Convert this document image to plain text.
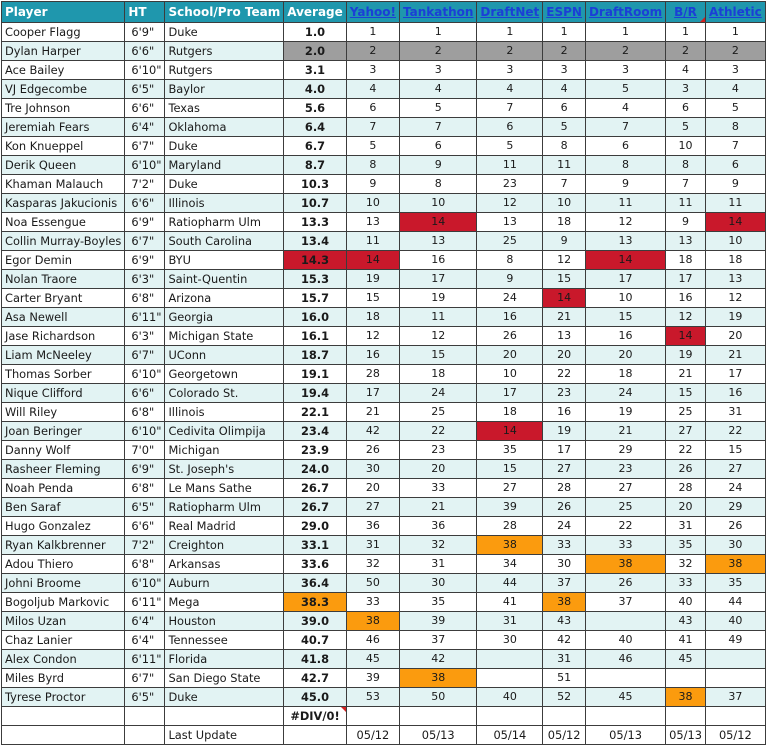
Player	HT	School/Pro Team	Average	Yahoo!	Tankathon	DraftNet	ESPN	DraftRoom	B/R	Athletic
Cooper Flagg	6'9"	Duke	1.0	1	1	1	1	1	1	1
Dylan Harper	6'6"	Rutgers	2.0	2	2	2	2	2	2	2
Ace Bailey	6'10"	Rutgers	3.1	3	3	3	3	3	4	3
VJ Edgecombe	6'5"	Baylor	4.0	4	4	4	4	5	3	4
Tre Johnson	6'6"	Texas	5.6	6	5	7	6	4	6	5
Jeremiah Fears	6'4"	Oklahoma	6.4	7	7	6	5	7	5	8
Kon Knueppel	6'7"	Duke	6.7	5	6	5	8	6	10	7
Derik Queen	6'10"	Maryland	8.7	8	9	11	11	8	8	6
Khaman Malauch	7'2"	Duke	10.3	9	8	23	7	9	7	9
Kasparas Jakucionis	6'6"	Illinois	10.7	10	10	12	10	11	11	11
Noa Essengue	6'9"	Ratiopharm Ulm	13.3	13	14	13	18	12	9	14
Collin Murray-Boyles	6'7"	South Carolina	13.4	11	13	25	9	13	13	10
Egor Demin	6'9"	BYU	14.3	14	16	8	12	14	18	18
Nolan Traore	6'3"	Saint-Quentin	15.3	19	17	9	15	17	17	13
Carter Bryant	6'8"	Arizona	15.7	15	19	24	14	10	16	12
Asa Newell	6'11"	Georgia	16.0	18	11	16	21	15	12	19
Jase Richardson	6'3"	Michigan State	16.1	12	12	26	13	16	14	20
Liam McNeeley	6'7"	UConn	18.7	16	15	20	20	20	19	21
Thomas Sorber	6'10"	Georgetown	19.1	28	18	10	22	18	21	17
Nique Clifford	6'6"	Colorado St.	19.4	17	24	17	23	24	15	16
Will Riley	6'8"	Illinois	22.1	21	25	18	16	19	25	31
Joan Beringer	6'10"	Cedivita Olimpija	23.4	42	22	14	19	21	27	22
Danny Wolf	7'0"	Michigan	23.9	26	23	35	17	29	22	15
Rasheer Fleming	6'9"	St. Joseph's	24.0	30	20	15	27	23	26	27
Noah Penda	6'8"	Le Mans Sathe	26.7	20	33	27	28	27	28	24
Ben Saraf	6'5"	Ratiopharm Ulm	26.7	27	21	39	26	25	20	29
Hugo Gonzalez	6'6"	Real Madrid	29.0	36	36	28	24	22	31	26
Ryan Kalkbrenner	7'2"	Creighton	33.1	31	32	38	33	33	35	30
Adou Thiero	6'8"	Arkansas	33.6	32	31	34	30	38	32	38
Johni Broome	6'10"	Auburn	36.4	50	30	44	37	26	33	35
Bogoljub Markovic	6'11"	Mega	38.3	33	35	41	38	37	40	44
Milos Uzan	6'4"	Houston	39.0	38	39	31	43		43	40
Chaz Lanier	6'4"	Tennessee	40.7	46	37	30	42	40	41	49
Alex Condon	6'11"	Florida	41.8	45	42		31	46	45	
Miles Byrd	6'7"	San Diego State	42.7	39	38		51			
Tyrese Proctor	6'5"	Duke	45.0	53	50	40	52	45	38	37
			#DIV/0!							
		Last Update		05/12	05/13	05/14	05/12	05/13	05/13	05/12
